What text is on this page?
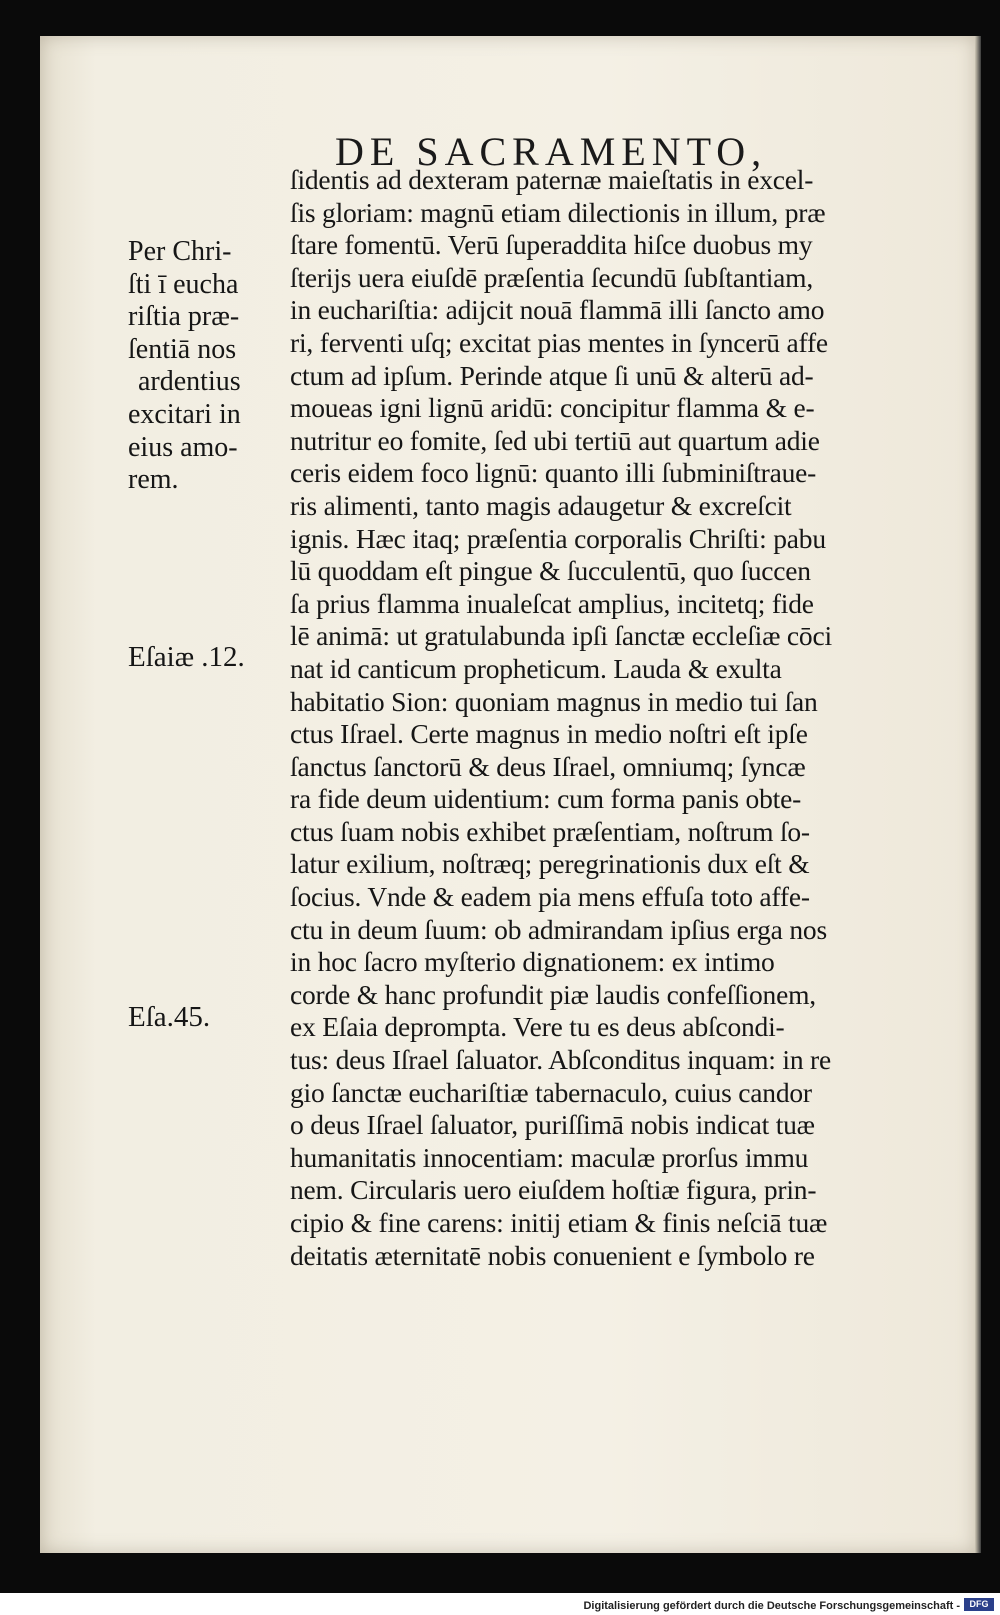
DE SACRAMENTO,
Per Chri-
ſti ī eucha
riſtia præ-
ſentiā nos
ardentius
excitari in
eius amo-
rem.
Eſaiæ .12.
Eſa.45.
ſidentis ad dexteram paternæ maieſtatis in excel-
ſis gloriam: magnū etiam dilectionis in illum, præ
ſtare fomentū. Verū ſuperaddita hiſce duobus my
ſterijs uera eiuſdē præſentia ſecundū ſubſtantiam,
in euchariſtia: adijcit nouā flammā illi ſancto amo
ri, ferventi uſq; excitat pias mentes in ſyncerū affe
ctum ad ipſum. Perinde atque ſi unū & alterū ad-
moueas igni lignū aridū: concipitur flamma & e-
nutritur eo fomite, ſed ubi tertiū aut quartum adie
ceris eidem foco lignū: quanto illi ſubminiſtraue-
ris alimenti, tanto magis adaugetur & excreſcit
ignis. Hæc itaq; præſentia corporalis Chriſti: pabu
lū quoddam eſt pingue & ſucculentū, quo ſuccen
ſa prius flamma inualeſcat amplius, incitetq; fide
lē animā: ut gratulabunda ipſi ſanctæ eccleſiæ cōci
nat id canticum propheticum. Lauda & exulta
habitatio Sion: quoniam magnus in medio tui ſan
ctus Iſrael. Certe magnus in medio noſtri eſt ipſe
ſanctus ſanctorū & deus Iſrael, omniumq; ſyncæ
ra fide deum uidentium: cum forma panis obte-
ctus ſuam nobis exhibet præſentiam, noſtrum ſo-
latur exilium, noſtræq; peregrinationis dux eſt &
ſocius. Vnde & eadem pia mens effuſa toto affe-
ctu in deum ſuum: ob admirandam ipſius erga nos
in hoc ſacro myſterio dignationem: ex intimo
corde & hanc profundit piæ laudis confeſſionem,
ex Eſaia deprompta. Vere tu es deus abſcondi-
tus: deus Iſrael ſaluator. Abſconditus inquam: in re
gio ſanctæ euchariſtiæ tabernaculo, cuius candor
o deus Iſrael ſaluator, puriſſimā nobis indicat tuæ
humanitatis innocentiam: maculæ prorſus immu
nem. Circularis uero eiuſdem hoſtiæ figura, prin-
cipio & fine carens: initij etiam & finis neſciā tuæ
deitatis æternitatē nobis conuenient e ſymbolo re
Digitalisierung gefördert durch die Deutsche Forschungsgemeinschaft -	DFG
